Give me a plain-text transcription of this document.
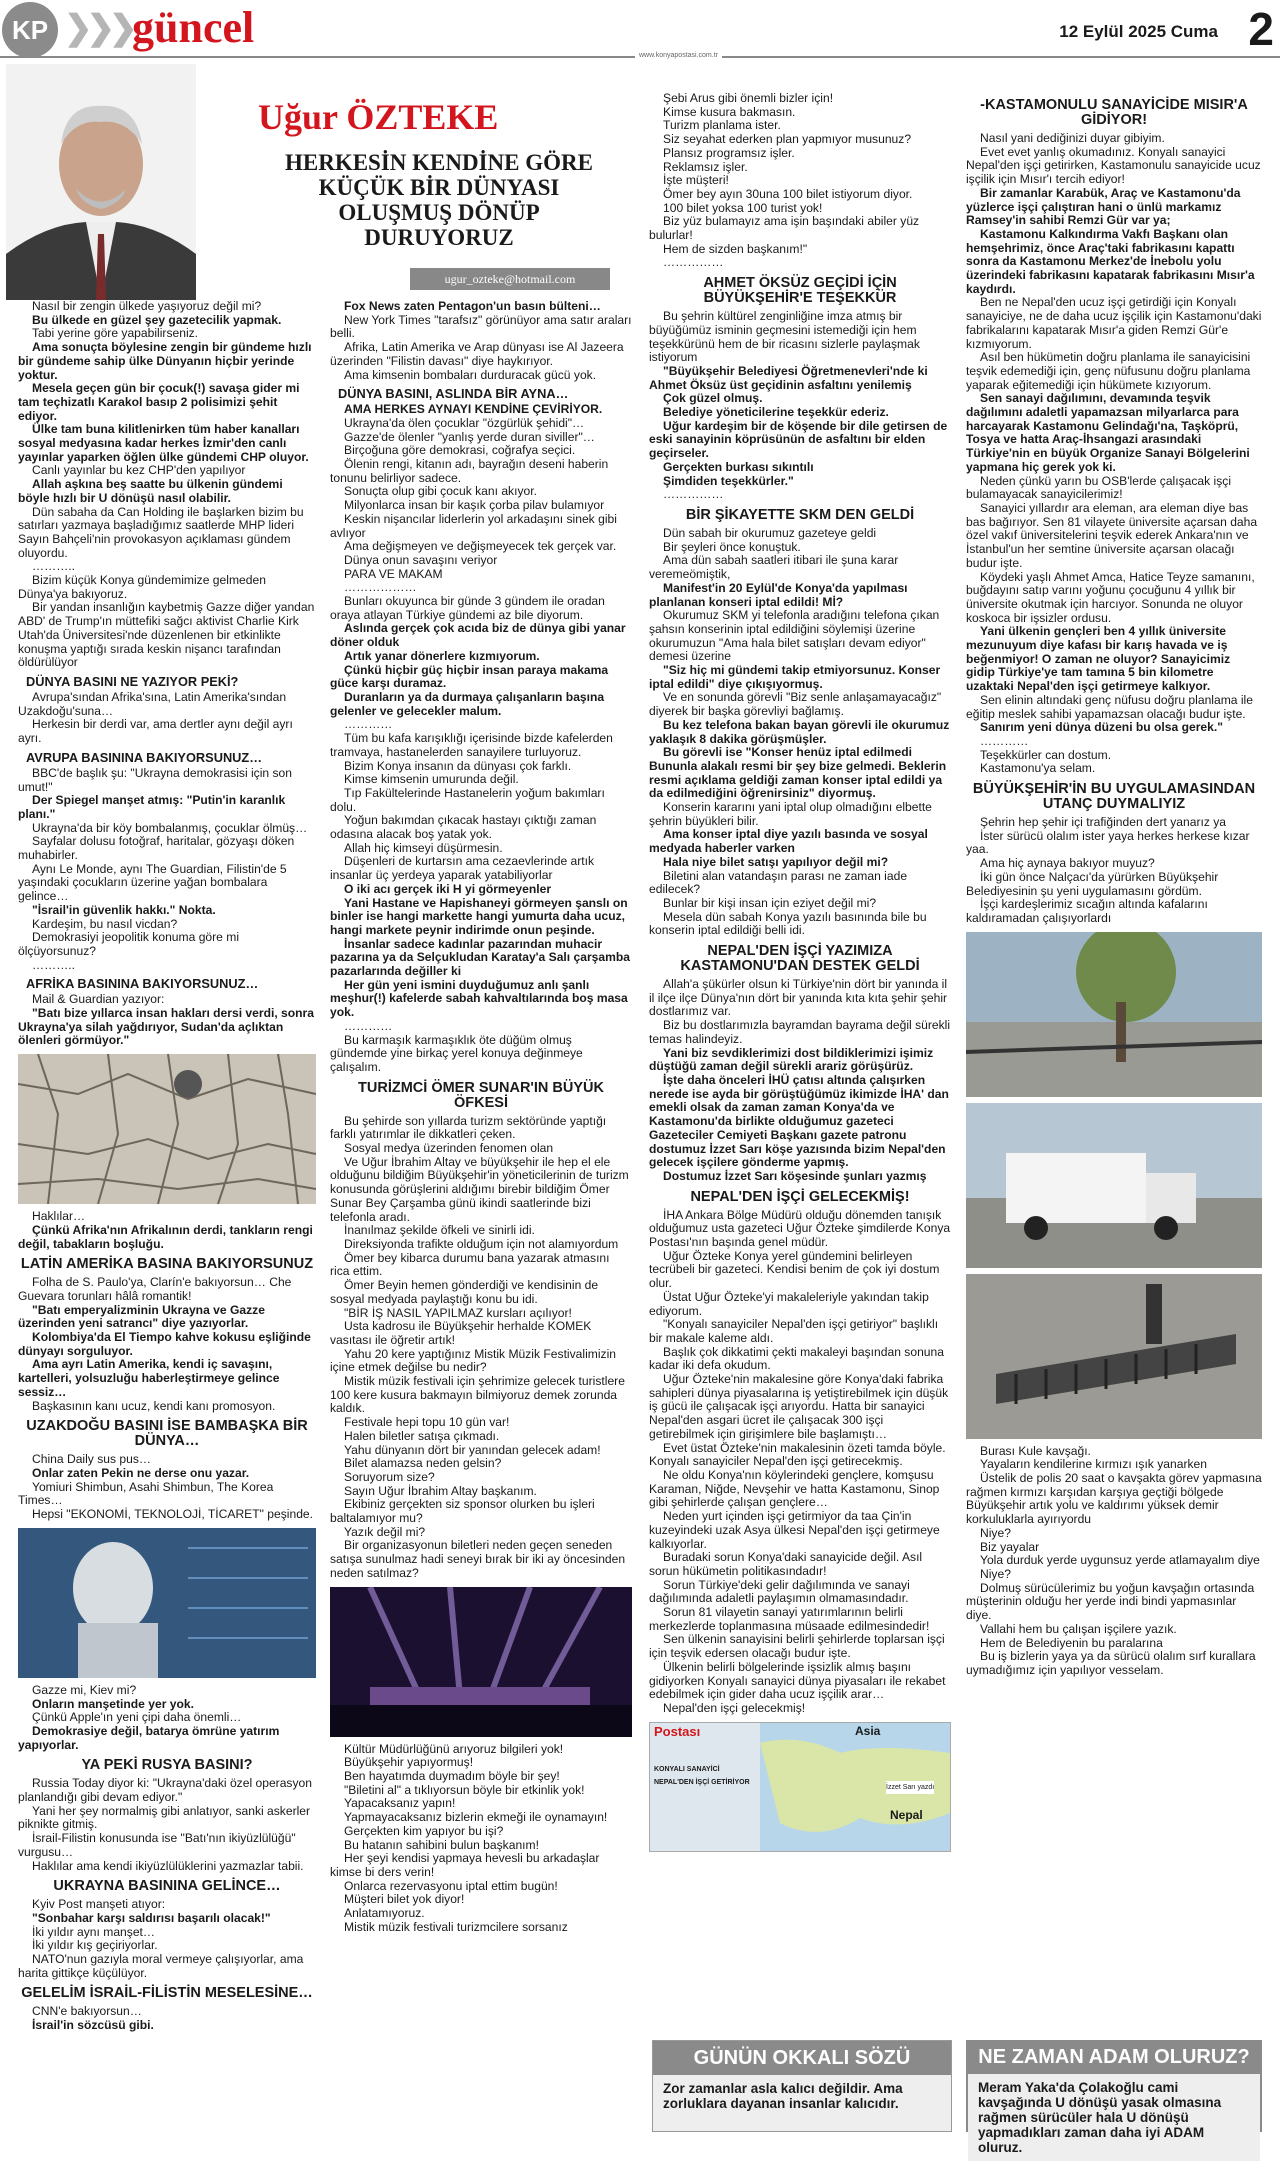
KP ❯❯❯ güncel
www.konyapostasi.com.tr
12 Eylül 2025 Cuma 2
Uğur ÖZTEKE
HERKESİN KENDİNE GÖRE KÜÇÜK BİR DÜNYASI OLUŞMUŞ DÖNÜP DURUYORUZ
ugur_ozteke@hotmail.com

Nasıl bir zengin ülkede yaşıyoruz değil mi?

Bu ülkede en güzel şey gazetecilik yapmak.

Tabi yerine göre yapabilirseniz.

Ama sonuçta böylesine zengin bir gündeme hızlı bir gündeme sahip ülke Dünyanın hiçbir yerinde yoktur.

Mesela geçen gün bir çocuk(!) savaşa gider mi tam teçhizatlı Karakol basıp 2 polisimizi şehit ediyor.

Ülke tam buna kilitlenirken tüm haber kanalları sosyal medyasına kadar herkes İzmir'den canlı yayınlar yaparken öğlen ülke gündemi CHP oluyor.

Canlı yayınlar bu kez CHP'den yapılıyor

Allah aşkına beş saatte bu ülkenin gündemi böyle hızlı bir U dönüşü nasıl olabilir.

Dün sabaha da Can Holding ile başlarken bizim bu satırları yazmaya başladığımız saatlerde MHP lideri Sayın Bahçeli'nin provokasyon açıklaması gündem oluyordu.

………..

Bizim küçük Konya gündemimize gelmeden Dünya'ya bakıyoruz.

Bir yandan insanlığın kaybetmiş Gazze diğer yandan ABD' de Trump'ın müttefiki sağcı aktivist Charlie Kirk Utah'da Üniversitesi'nde düzenlenen bir etkinlikte konuşma yaptığı sırada keskin nişancı tarafından öldürülüyor

DÜNYA BASINI NE YAZIYOR PEKİ?

Avrupa'sından Afrika'sına, Latin Amerika'sından Uzakdoğu'suna…

Herkesin bir derdi var, ama dertler aynı değil ayrı ayrı.

AVRUPA BASININA BAKIYORSUNUZ…

BBC'de başlık şu: "Ukrayna demokrasisi için son umut!"

Der Spiegel manşet atmış: "Putin'in karanlık planı."

Ukrayna'da bir köy bombalanmış, çocuklar ölmüş…

Sayfalar dolusu fotoğraf, haritalar, gözyaşı döken muhabirler.

Aynı Le Monde, aynı The Guardian, Filistin'de 5 yaşındaki çocukların üzerine yağan bombalara gelince…

"İsrail'in güvenlik hakkı." Nokta.

Kardeşim, bu nasıl vicdan?

Demokrasiyi jeopolitik konuma göre mi ölçüyorsunuz?

………..

AFRİKA BASININA BAKIYORSUNUZ…

Mail & Guardian yazıyor:

"Batı bize yıllarca insan hakları dersi verdi, sonra Ukrayna'ya silah yağdırıyor, Sudan'da açlıktan ölenleri görmüyor."

Haklılar…

Çünkü Afrika'nın Afrikalının derdi, tankların rengi değil, tabakların boşluğu.

LATİN AMERİKA BASINA BAKIYORSUNUZ

Folha de S. Paulo'ya, Clarín'e bakıyorsun… Che Guevara torunları hâlâ romantik!

"Batı emperyalizminin Ukrayna ve Gazze üzerinden yeni satrancı" diye yazıyorlar.

Kolombiya'da El Tiempo kahve kokusu eşliğinde dünyayı sorguluyor.

Ama ayrı Latin Amerika, kendi iç savaşını, kartelleri, yolsuzluğu haberleştirmeye gelince sessiz…

Başkasının kanı ucuz, kendi kanı promosyon.

UZAKDOĞU BASINI İSE BAMBAŞKA BİR DÜNYA…

China Daily sus pus…

Onlar zaten Pekin ne derse onu yazar.

Yomiuri Shimbun, Asahi Shimbun, The Korea Times…

Hepsi "EKONOMİ, TEKNOLOJİ, TİCARET" peşinde.

Gazze mi, Kiev mi?

Onların manşetinde yer yok.

Çünkü Apple'ın yeni çipi daha önemli…

Demokrasiye değil, batarya ömrüne yatırım yapıyorlar.

YA PEKİ RUSYA BASINI?

Russia Today diyor ki: "Ukrayna'daki özel operasyon planlandığı gibi devam ediyor."

Yani her şey normalmiş gibi anlatıyor, sanki askerler piknikte gitmiş.

İsrail-Filistin konusunda ise "Batı'nın ikiyüzlülüğü" vurgusu…

Haklılar ama kendi ikiyüzlülüklerini yazmazlar tabii.

UKRAYNA BASININA GELİNCE…

Kyiv Post manşeti atıyor:

"Sonbahar karşı saldırısı başarılı olacak!"

İki yıldır aynı manşet…

İki yıldır kış geçiriyorlar.

NATO'nun gazıyla moral vermeye çalışıyorlar, ama harita gittikçe küçülüyor.

GELELİM İSRAİL-FİLİSTİN MESELESİNE…

CNN'e bakıyorsun…

İsrail'in sözcüsü gibi.

Fox News zaten Pentagon'un basın bülteni…

New York Times "tarafsız" görünüyor ama satır araları belli.

Afrika, Latin Amerika ve Arap dünyası ise Al Jazeera üzerinden "Filistin davası" diye haykırıyor.

Ama kimsenin bombaları durduracak gücü yok.

DÜNYA BASINI, ASLINDA BİR AYNA…

AMA HERKES AYNAYI KENDİNE ÇEVİRİYOR.

Ukrayna'da ölen çocuklar "özgürlük şehidi"…

Gazze'de ölenler "yanlış yerde duran siviller"…

Birçoğuna göre demokrasi, coğrafya seçici.

Ölenin rengi, kitanın adı, bayrağın deseni haberin tonunu belirliyor sadece.

Sonuçta olup gibi çocuk kanı akıyor.

Milyonlarca insan bir kaşık çorba pilav bulamıyor

Keskin nişancılar liderlerin yol arkadaşını sinek gibi avlıyor

Ama değişmeyen ve değişmeyecek tek gerçek var.

Dünya onun savaşını veriyor

PARA VE MAKAM

………………

Bunları okuyunca bir günde 3 gündem ile oradan oraya atlayan Türkiye gündemi az bile diyorum.

Aslında gerçek çok acıda biz de dünya gibi yanar döner olduk

Artık yanar dönerlere kızmıyorum.

Çünkü hiçbir güç hiçbir insan paraya makama güce karşı duramaz.

Duranların ya da durmaya çalışanların başına gelenler ve gelecekler malum.

…………

Tüm bu kafa karışıklığı içerisinde bizde kafelerden tramvaya, hastanelerden sanayilere turluyoruz.

Bizim Konya insanın da dünyası çok farklı.

Kimse kimsenin umurunda değil.

Tıp Fakültelerinde Hastanelerin yoğum bakımları dolu.

Yoğun bakımdan çıkacak hastayı çıktığı zaman odasına alacak boş yatak yok.

Allah hiç kimseyi düşürmesin.

Düşenleri de kurtarsın ama cezaevlerinde artık insanlar üç yerdeya yaparak yatabiliyorlar

O iki acı gerçek iki H yi görmeyenler

Yani Hastane ve Hapishaneyi görmeyen şanslı on binler ise hangi markette hangi yumurta daha ucuz, hangi markete peynir indirimde onun peşinde.

İnsanlar sadece kadınlar pazarından muhacir pazarına ya da Selçukludan Karatay'a Salı çarşamba pazarlarında değiller ki

Her gün yeni ismini duyduğumuz anlı şanlı meşhur(!) kafelerde sabah kahvaltılarında boş masa yok.

…………

Bu karmaşık karmaşıklık öte düğüm olmuş gündemde yine birkaç yerel konuya değinmeye çalışalım.

TURİZMCİ ÖMER SUNAR'IN BÜYÜK ÖFKESİ

Bu şehirde son yıllarda turizm sektöründe yaptığı farklı yatırımlar ile dikkatleri çeken.

Sosyal medya üzerinden fenomen olan

Ve Uğur İbrahim Altay ve büyükşehir ile hep el ele olduğunu bildiğim Büyükşehir'in yöneticilerinin de turizm konusunda görüşlerini aldığımı birebir bildiğim Ömer Sunar Bey Çarşamba günü ikindi saatlerinde bizi telefonla aradı.

İnanılmaz şekilde öfkeli ve sinirli idi.

Direksiyonda trafikte olduğum için not alamıyordum

Ömer bey kibarca durumu bana yazarak atmasını rica ettim.

Ömer Beyin hemen gönderdiği ve kendisinin de sosyal medyada paylaştığı konu bu idi.

"BİR İŞ NASIL YAPILMAZ kursları açılıyor!

Usta kadrosu ile Büyükşehir herhalde KOMEK vasıtası ile öğretir artık!

Yahu 20 kere yaptığınız Mistik Müzik Festivalimizin içine etmek değilse bu nedir?

Mistik müzik festivali için şehrimize gelecek turistlere 100 kere kusura bakmayın bilmiyoruz demek zorunda kaldık.

Festivale hepi topu 10 gün var!

Halen biletler satışa çıkmadı.

Yahu dünyanın dört bir yanından gelecek adam!

Bilet alamazsa neden gelsin?

Soruyorum size?

Sayın Uğur İbrahim Altay başkanım.

Ekibiniz gerçekten siz sponsor olurken bu işleri baltalamıyor mu?

Yazık değil mi?

Bir organizasyonun biletleri neden geçen seneden satışa sunulmaz hadi seneyi bırak bir iki ay öncesinden neden satılmaz?

Kültür Müdürlüğünü arıyoruz bilgileri yok!

Büyükşehir yapıyormuş!

Ben hayatımda duymadım böyle bir şey!

"Biletini al" a tıklıyorsun böyle bir etkinlik yok!

Yapacaksanız yapın!

Yapmayacaksanız bizlerin ekmeği ile oynamayın!

Gerçekten kim yapıyor bu işi?

Bu hatanın sahibini bulun başkanım!

Her şeyi kendisi yapmaya hevesli bu arkadaşlar kimse bi ders verin!

Onlarca rezervasyonu iptal ettim bugün!

Müşteri bilet yok diyor!

Anlatamıyoruz.

Mistik müzik festivali turizmcilere sorsanız

Şebi Arus gibi önemli bizler için!

Kimse kusura bakmasın.

Turizm planlama ister.

Siz seyahat ederken plan yapmıyor musunuz?

Plansız programsız işler.

Reklamsız işler.

İşte müşteri!

Ömer bey ayın 30una 100 bilet istiyorum diyor.

100 bilet yoksa 100 turist yok!

Biz yüz bulamayız ama işin başındaki abiler yüz bulurlar!

Hem de sizden başkanım!"

……………

AHMET ÖKSÜZ GEÇİDİ İÇİN BÜYÜKŞEHİR'E TEŞEKKÜR

Bu şehrin kültürel zenginliğine imza atmış bir büyüğümüz isminin geçmesini istemediği için hem teşekkürünü hem de bir ricasını sizlerle paylaşmak istiyorum

"Büyükşehir Belediyesi Öğretmenevleri'nde ki Ahmet Öksüz üst geçidinin asfaltını yenilemiş

Çok güzel olmuş.

Belediye yöneticilerine teşekkür ederiz.

Uğur kardeşim bir de köşende bir dile getirsen de eski sanayinin köprüsünün de asfaltını bir elden geçirseler.

Gerçekten burkası sıkıntılı

Şimdiden teşekkürler."

……………

BİR ŞİKAYETTE SKM DEN GELDİ

Dün sabah bir okurumuz gazeteye geldi

Bir şeyleri önce konuştuk.

Ama dün sabah saatleri itibari ile şuna karar veremeömiştik,

Manifest'in 20 Eylül'de Konya'da yapılması planlanan konseri iptal edildi! Mİ?

Okurumuz SKM yi telefonla aradığını telefona çıkan şahsın konserinin iptal edildiğini söylemişi üzerine okurumuzun "Ama hala bilet satışları devam ediyor" demesi üzerine

"Siz hiç mi gündemi takip etmiyorsunuz. Konser iptal edildi" diye çıkışıyormuş.

Ve en sonunda görevli "Biz senle anlaşamayacağız" diyerek bir başka görevliyi bağlamış.

Bu kez telefona bakan bayan görevli ile okurumuz yaklaşık 8 dakika görüşmüşler.

Bu görevli ise "Konser henüz iptal edilmedi Bununla alakalı resmi bir şey bize gelmedi. Beklerin resmi açıklama geldiği zaman konser iptal edildi ya da edilmediğini öğrenirsiniz" diyormuş.

Konserin kararını yani iptal olup olmadığını elbette şehrin büyükleri bilir.

Ama konser iptal diye yazılı basında ve sosyal medyada haberler varken

Hala niye bilet satışı yapılıyor değil mi?

Biletini alan vatandaşın parası ne zaman iade edilecek?

Bunlar bir kişi insan için eziyet değil mi?

Mesela dün sabah Konya yazılı basınında bile bu konserin iptal edildiği belli idi.

NEPAL'DEN İŞÇİ YAZIMIZA KASTAMONU'DAN DESTEK GELDİ

Allah'a şükürler olsun ki Türkiye'nin dört bir yanında il il ilçe ilçe Dünya'nın dört bir yanında kıta kıta şehir şehir dostlarımız var.

Biz bu dostlarımızla bayramdan bayrama değil sürekli temas halindeyiz.

Yani biz sevdiklerimizi dost bildiklerimizi işimiz düştüğü zaman değil sürekli arariz görüşürüz.

İşte daha önceleri İHÜ çatısı altında çalışırken nerede ise ayda bir görüştüğümüz ikimizde İHA' dan emekli olsak da zaman zaman Konya'da ve Kastamonu'da birlikte olduğumuz gazeteci Gazeteciler Cemiyeti Başkanı gazete patronu dostumuz İzzet Sarı köşe yazısında bizim Nepal'den gelecek işçilere gönderme yapmış.

Dostumuz İzzet Sarı köşesinde şunları yazmış

NEPAL'DEN İŞÇİ GELECEKMİŞ!

İHA Ankara Bölge Müdürü olduğu dönemden tanışık olduğumuz usta gazeteci Uğur Özteke şimdilerde Konya Postası'nın başında genel müdür.

Uğur Özteke Konya yerel gündemini belirleyen tecrübeli bir gazeteci. Kendisi benim de çok iyi dostum olur.

Üstat Uğur Özteke'yi makaleleriyle yakından takip ediyorum.

"Konyalı sanayiciler Nepal'den işçi getiriyor" başlıklı bir makale kaleme aldı.

Başlık çok dikkatimi çekti makaleyi başından sonuna kadar iki defa okudum.

Uğur Özteke'nin makalesine göre Konya'daki fabrika sahipleri dünya piyasalarına iş yetiştirebilmek için düşük iş gücü ile çalışacak işçi arıyordu. Hatta bir sanayici Nepal'den asgari ücret ile çalışacak 300 işçi getirebilmek için girişimlere bile başlamıştı…

Evet üstat Özteke'nin makalesinin özeti tamda böyle. Konyalı sanayiciler Nepal'den işçi getirecekmiş.

Ne oldu Konya'nın köylerindeki gençlere, komşusu Karaman, Niğde, Nevşehir ve hatta Kastamonu, Sinop gibi şehirlerde çalışan gençlere…

Neden yurt içinden işçi getirmiyor da taa Çin'in kuzeyindeki uzak Asya ülkesi Nepal'den işçi getirmeye kalkıyorlar.

Buradaki sorun Konya'daki sanayicide değil. Asıl sorun hükümetin politikasındadır!

Sorun Türkiye'deki gelir dağılımında ve sanayi dağılımında adaletli paylaşımın olmamasındadır.

Sorun 81 vilayetin sanayi yatırımlarının belirli merkezlerde toplanmasına müsaade edilmesindedir!

Sen ülkenin sanayisini belirli şehirlerde toplarsan işçi için teşvik edersen olacağı budur işte.

Ülkenin belirli bölgelerinde işsizlik almış başını gidiyorken Konyalı sanayici dünya piyasaları ile rekabet edebilmek için gider daha ucuz işçilik arar…

Nepal'den işçi gelecekmiş!

Postası
KONYALI SANAYİCİ NEPAL'DEN İŞÇİ GETİRİYOR
Asia
Nepal
İzzet Sarı yazdı
-KASTAMONULU SANAYİCİDE MISIR'A GİDİYOR!

Nasıl yani dediğinizi duyar gibiyim.

Evet evet yanlış okumadınız. Konyalı sanayici Nepal'den işçi getirirken, Kastamonulu sanayicide ucuz işçilik için Mısır'ı tercih ediyor!

Bir zamanlar Karabük, Araç ve Kastamonu'da yüzlerce işçi çalıştıran hani o ünlü markamız Ramsey'in sahibi Remzi Gür var ya;

Kastamonu Kalkındırma Vakfı Başkanı olan hemşehrimiz, önce Araç'taki fabrikasını kapattı sonra da Kastamonu Merkez'de İnebolu yolu üzerindeki fabrikasını kapatarak fabrikasını Mısır'a kaydırdı.

Ben ne Nepal'den ucuz işçi getirdiği için Konyalı sanayiciye, ne de daha ucuz işçilik için Kastamonu'daki fabrikalarını kapatarak Mısır'a giden Remzi Gür'e kızmıyorum.

Asıl ben hükümetin doğru planlama ile sanayicisini teşvik edemediği için, genç nüfusunu doğru planlama yaparak eğitemediği için hükümete kızıyorum.

Sen sanayi dağılımını, devamında teşvik dağılımını adaletli yapamazsan milyarlarca para harcayarak Kastamonu Gelindağı'na, Taşköprü, Tosya ve hatta Araç-İhsangazi arasındaki Türkiye'nin en büyük Organize Sanayi Bölgelerini yapmana hiç gerek yok ki.

Neden çünkü yarın bu OSB'lerde çalışacak işçi bulamayacak sanayicilerimiz!

Sanayici yıllardır ara eleman, ara eleman diye bas bas bağırıyor. Sen 81 vilayete üniversite açarsan daha özel vakıf üniversitelerini teşvik ederek Ankara'nın ve İstanbul'un her semtine üniversite açarsan olacağı budur işte.

Köydeki yaşlı Ahmet Amca, Hatice Teyze samanını, buğdayını satıp varını yoğunu çocuğunu 4 yıllık bir üniversite okutmak için harcıyor. Sonunda ne oluyor koskoca bir işsizler ordusu.

Yani ülkenin gençleri ben 4 yıllık üniversite mezunuyum diye kafası bir karış havada ve iş beğenmiyor! O zaman ne oluyor? Sanayicimiz gidip Türkiye'ye tam tamına 5 bin kilometre uzaktaki Nepal'den işçi getirmeye kalkıyor.

Sen elinin altındaki genç nüfusu doğru planlama ile eğitip meslek sahibi yapamazsan olacağı budur işte.

Sanırım yeni dünya düzeni bu olsa gerek."

…………

Teşekkürler can dostum.

Kastamonu'ya selam.

BÜYÜKŞEHİR'İN BU UYGULAMASINDAN UTANÇ DUYMALIYIZ

Şehrin hep şehir içi trafiğinden dert yanarız ya

İster sürücü olalım ister yaya herkes herkese kızar yaa.

Ama hiç aynaya bakıyor muyuz?

İki gün önce Nalçacı'da yürürken Büyükşehir Belediyesinin şu yeni uygulamasını gördüm.

İşçi kardeşlerimiz sıcağın altında kafalarını kaldıramadan çalışıyorlardı

Burası Kule kavşağı.

Yayaların kendilerine kırmızı ışık yanarken

Üstelik de polis 20 saat o kavşakta görev yapmasına rağmen kırmızı karşıdan karşıya geçtiği bölgede Büyükşehir artık yolu ve kaldırımı yüksek demir korkuluklarla ayırıyordu

Niye?

Biz yayalar

Yola durduk yerde uygunsuz yerde atlamayalım diye

Niye?

Dolmuş sürücülerimiz bu yoğun kavşağın ortasında müşterinin olduğu her yerde indi bindi yapmasınlar diye.

Vallahi hem bu çalışan işçilere yazık.

Hem de Belediyenin bu paralarına

Bu iş bizlerin yaya ya da sürücü olalım sırf kurallara uymadığımız için yapılıyor vesselam.

GÜNÜN OKKALI SÖZÜ
Zor zamanlar asla kalıcı değildir. Ama zorluklara dayanan insanlar kalıcıdır.
NE ZAMAN ADAM OLURUZ?
Meram Yaka'da Çolakoğlu cami kavşağında U dönüşü yasak olmasına rağmen sürücüler hala U dönüşü yapmadıkları zaman daha iyi ADAM oluruz.
